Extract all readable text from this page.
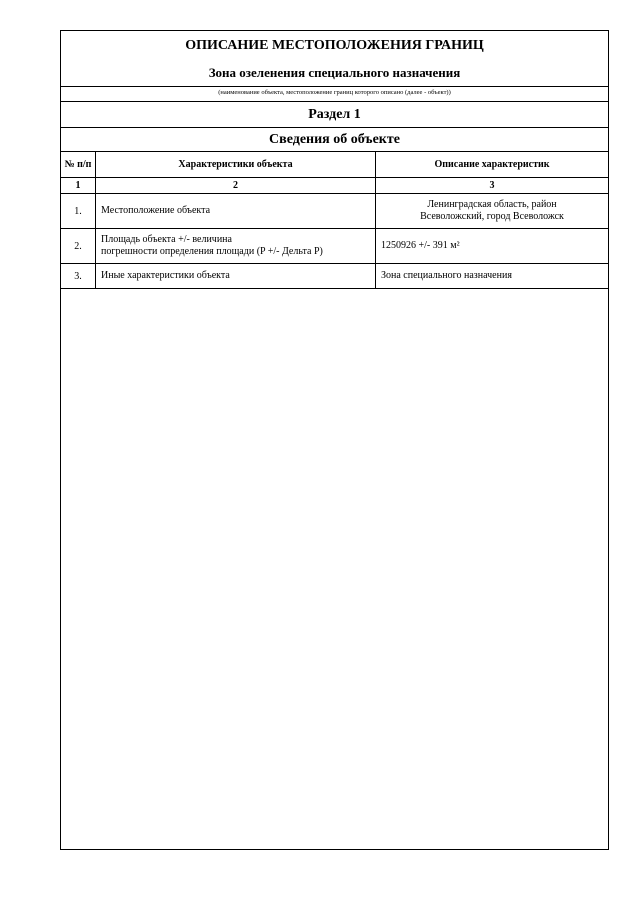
ОПИСАНИЕ МЕСТОПОЛОЖЕНИЯ ГРАНИЦ
Зона озеленения специального назначения
(наименование объекта, местоположение границ которого описано (далее - объект))
Раздел 1
Сведения об объекте
№ п/п	Характеристики объекта	Описание характеристик
1	2	3
1.	Местоположение объекта	Ленинградская область, район
Всеволожский, город Всеволожск
2.	Площадь объекта +/- величина
погрешности определения площади (P +/- Дельта P)	1250926 +/- 391 м²
3.	Иные характеристики объекта	Зона специального назначения
